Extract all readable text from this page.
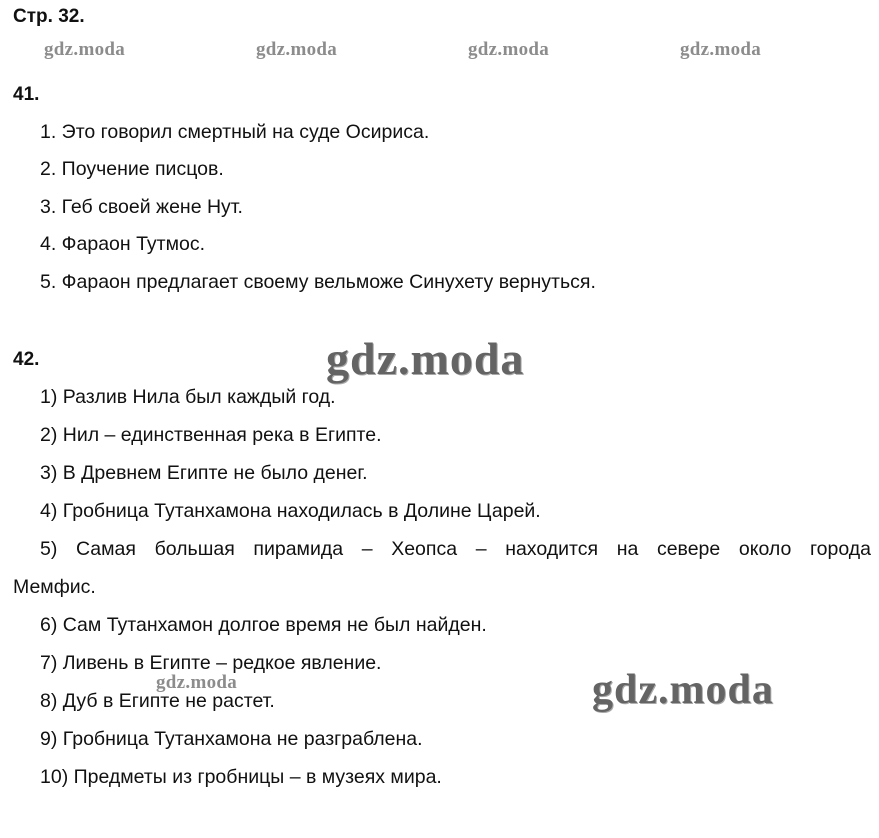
Стр. 32.
gdz.moda	gdz.moda	gdz.moda	gdz.moda
41.
1. Это говорил смертный на суде Осириса.
2. Поучение писцов.
3. Геб своей жене Нут.
4. Фараон Тутмос.
5. Фараон предлагает своему вельможе Синухету вернуться.
42.	gdz.moda
1) Разлив Нила был каждый год.
2) Нил – единственная река в Египте.
3) В Древнем Египте не было денег.
4) Гробница Тутанхамона находилась в Долине Царей.
5) Самая большая пирамида – Хеопса – находится на севере около города
Мемфис.
6) Сам Тутанхамон долгое время не был найден.
7) Ливень в Египте – редкое явление.
gdz.moda	gdz.moda
8) Дуб в Египте не растет.
9) Гробница Тутанхамона не разграблена.
10) Предметы из гробницы – в музеях мира.
